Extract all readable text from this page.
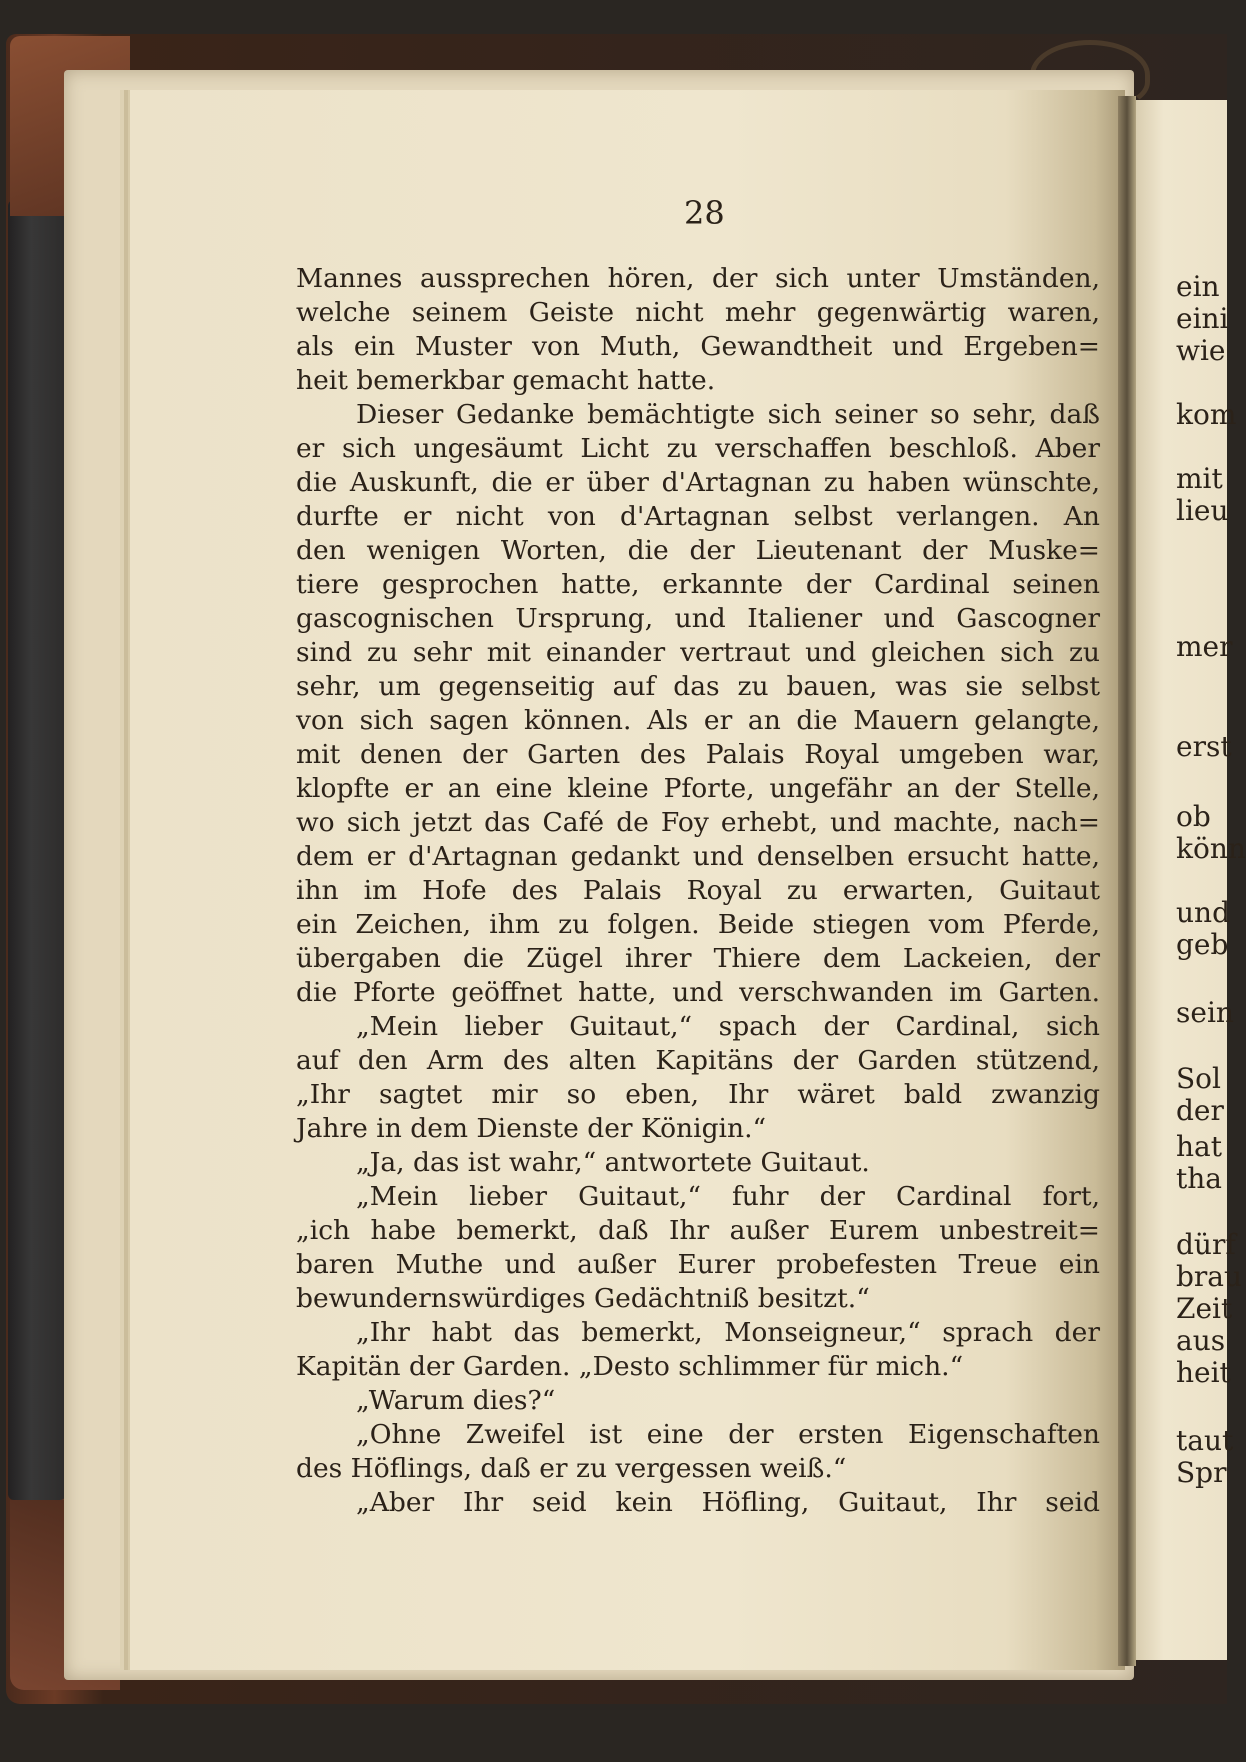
28
Mannes aussprechen hören, der sich unter Umständen,
welche seinem Geiste nicht mehr gegenwärtig waren,
als ein Muster von Muth, Gewandtheit und Ergeben=
heit bemerkbar gemacht hatte.
Dieser Gedanke bemächtigte sich seiner so sehr, daß
er sich ungesäumt Licht zu verschaffen beschloß. Aber
die Auskunft, die er über d'Artagnan zu haben wünschte,
durfte er nicht von d'Artagnan selbst verlangen. An
den wenigen Worten, die der Lieutenant der Muske=
tiere gesprochen hatte, erkannte der Cardinal seinen
gascognischen Ursprung, und Italiener und Gascogner
sind zu sehr mit einander vertraut und gleichen sich zu
sehr, um gegenseitig auf das zu bauen, was sie selbst
von sich sagen können. Als er an die Mauern gelangte,
mit denen der Garten des Palais Royal umgeben war,
klopfte er an eine kleine Pforte, ungefähr an der Stelle,
wo sich jetzt das Café de Foy erhebt, und machte, nach=
dem er d'Artagnan gedankt und denselben ersucht hatte,
ihn im Hofe des Palais Royal zu erwarten, Guitaut
ein Zeichen, ihm zu folgen. Beide stiegen vom Pferde,
übergaben die Zügel ihrer Thiere dem Lackeien, der
die Pforte geöffnet hatte, und verschwanden im Garten.
„Mein lieber Guitaut,“ spach der Cardinal, sich
auf den Arm des alten Kapitäns der Garden stützend,
„Ihr sagtet mir so eben, Ihr wäret bald zwanzig
Jahre in dem Dienste der Königin.“
„Ja, das ist wahr,“ antwortete Guitaut.
„Mein lieber Guitaut,“ fuhr der Cardinal fort,
„ich habe bemerkt, daß Ihr außer Eurem unbestreit=
baren Muthe und außer Eurer probefesten Treue ein
bewundernswürdiges Gedächtniß besitzt.“
„Ihr habt das bemerkt, Monseigneur,“ sprach der
Kapitän der Garden. „Desto schlimmer für mich.“
„Warum dies?“
„Ohne Zweifel ist eine der ersten Eigenschaften
des Höflings, daß er zu vergessen weiß.“
„Aber Ihr seid kein Höfling, Guitaut, Ihr seid
ein
eini
wie
kom
mit
lieu
mer
erst
ob
könn
und
geb
sein
Sol
der
hat
tha
dürf
brau
Zeit
aus
heit
taut
Spr
